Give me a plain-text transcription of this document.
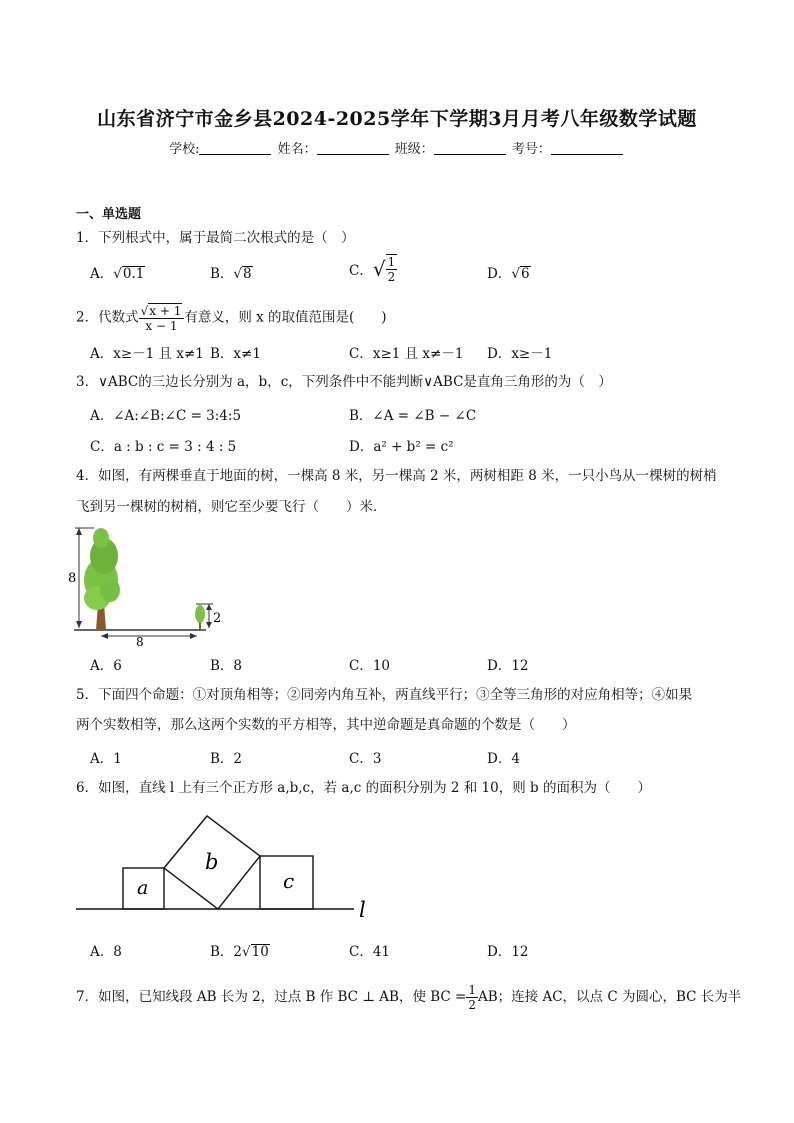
山东省济宁市金乡县2024-2025学年下学期3月月考八年级数学试题
学校:	姓名：	班级：	考号：
一、单选题
1．下列根式中，属于最简二次根式的是（　）
A．√0.1	B．√8	C．√ $\frac{1}{2}$	D．√6
2．代数式 $\frac{√x + 1}{x - 1}$ 有意义，则 x 的取值范围是(　　)
A．x≥－1 且 x≠1 B．x≠1	C．x≥1 且 x≠－1 D．x≥－1
3．∨ABC的三边长分别为 a，b，c，下列条件中不能判断∨ABC是直角三角形的为（　）
A．∠A:∠B:∠C = 3:4:5	B．∠A = ∠B − ∠C
C．a : b : c = 3 : 4 : 5	D．a² + b² = c²
4．如图，有两棵垂直于地面的树，一棵高 8 米，另一棵高 2 米，两树相距 8 米，一只小鸟从一棵树的树梢
飞到另一棵树的树梢，则它至少要飞行（　　）米．
8
2
8
A．6	B．8	C．10	D．12
5．下面四个命题：①对顶角相等；②同旁内角互补，两直线平行；③全等三角形的对应角相等；④如果
两个实数相等，那么这两个实数的平方相等，其中逆命题是真命题的个数是（　　）
A．1	B．2	C．3	D．4
6．如图，直线 l 上有三个正方形 a,b,c，若 a,c 的面积分别为 2 和 10，则 b 的面积为（　　）
a
b
c
l
A．8	B．2√10	C．41	D．12
7．如图，已知线段 AB 长为 2，过点 B 作 BC ⊥ AB，使 BC = $\frac{1}{2}$ AB；连接 AC，以点 C 为圆心，BC 长为半
